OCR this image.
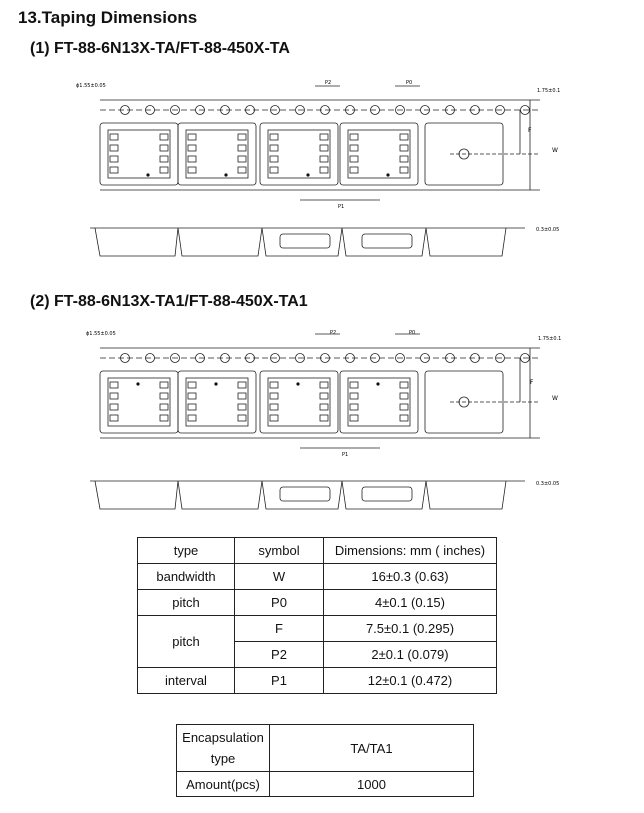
13.Taping Dimensions
(1) FT-88-6N13X-TA/FT-88-450X-TA
ϕ1.55±0.05	P2	P0
1.75±0.1
F
W
P1
0.3±0.05
(2) FT-88-6N13X-TA1/FT-88-450X-TA1
ϕ1.55±0.05	P2	P0
1.75±0.1
F
W
P1
0.3±0.05
type	symbol	Dimensions: mm ( inches)
bandwidth	W	16±0.3 (0.63)
pitch	P0	4±0.1 (0.15)
pitch	F	7.5±0.1 (0.295)
	P2	2±0.1 (0.079)
interval	P1	12±0.1 (0.472)
Encapsulation
type	TA/TA1
Amount(pcs)	1000
